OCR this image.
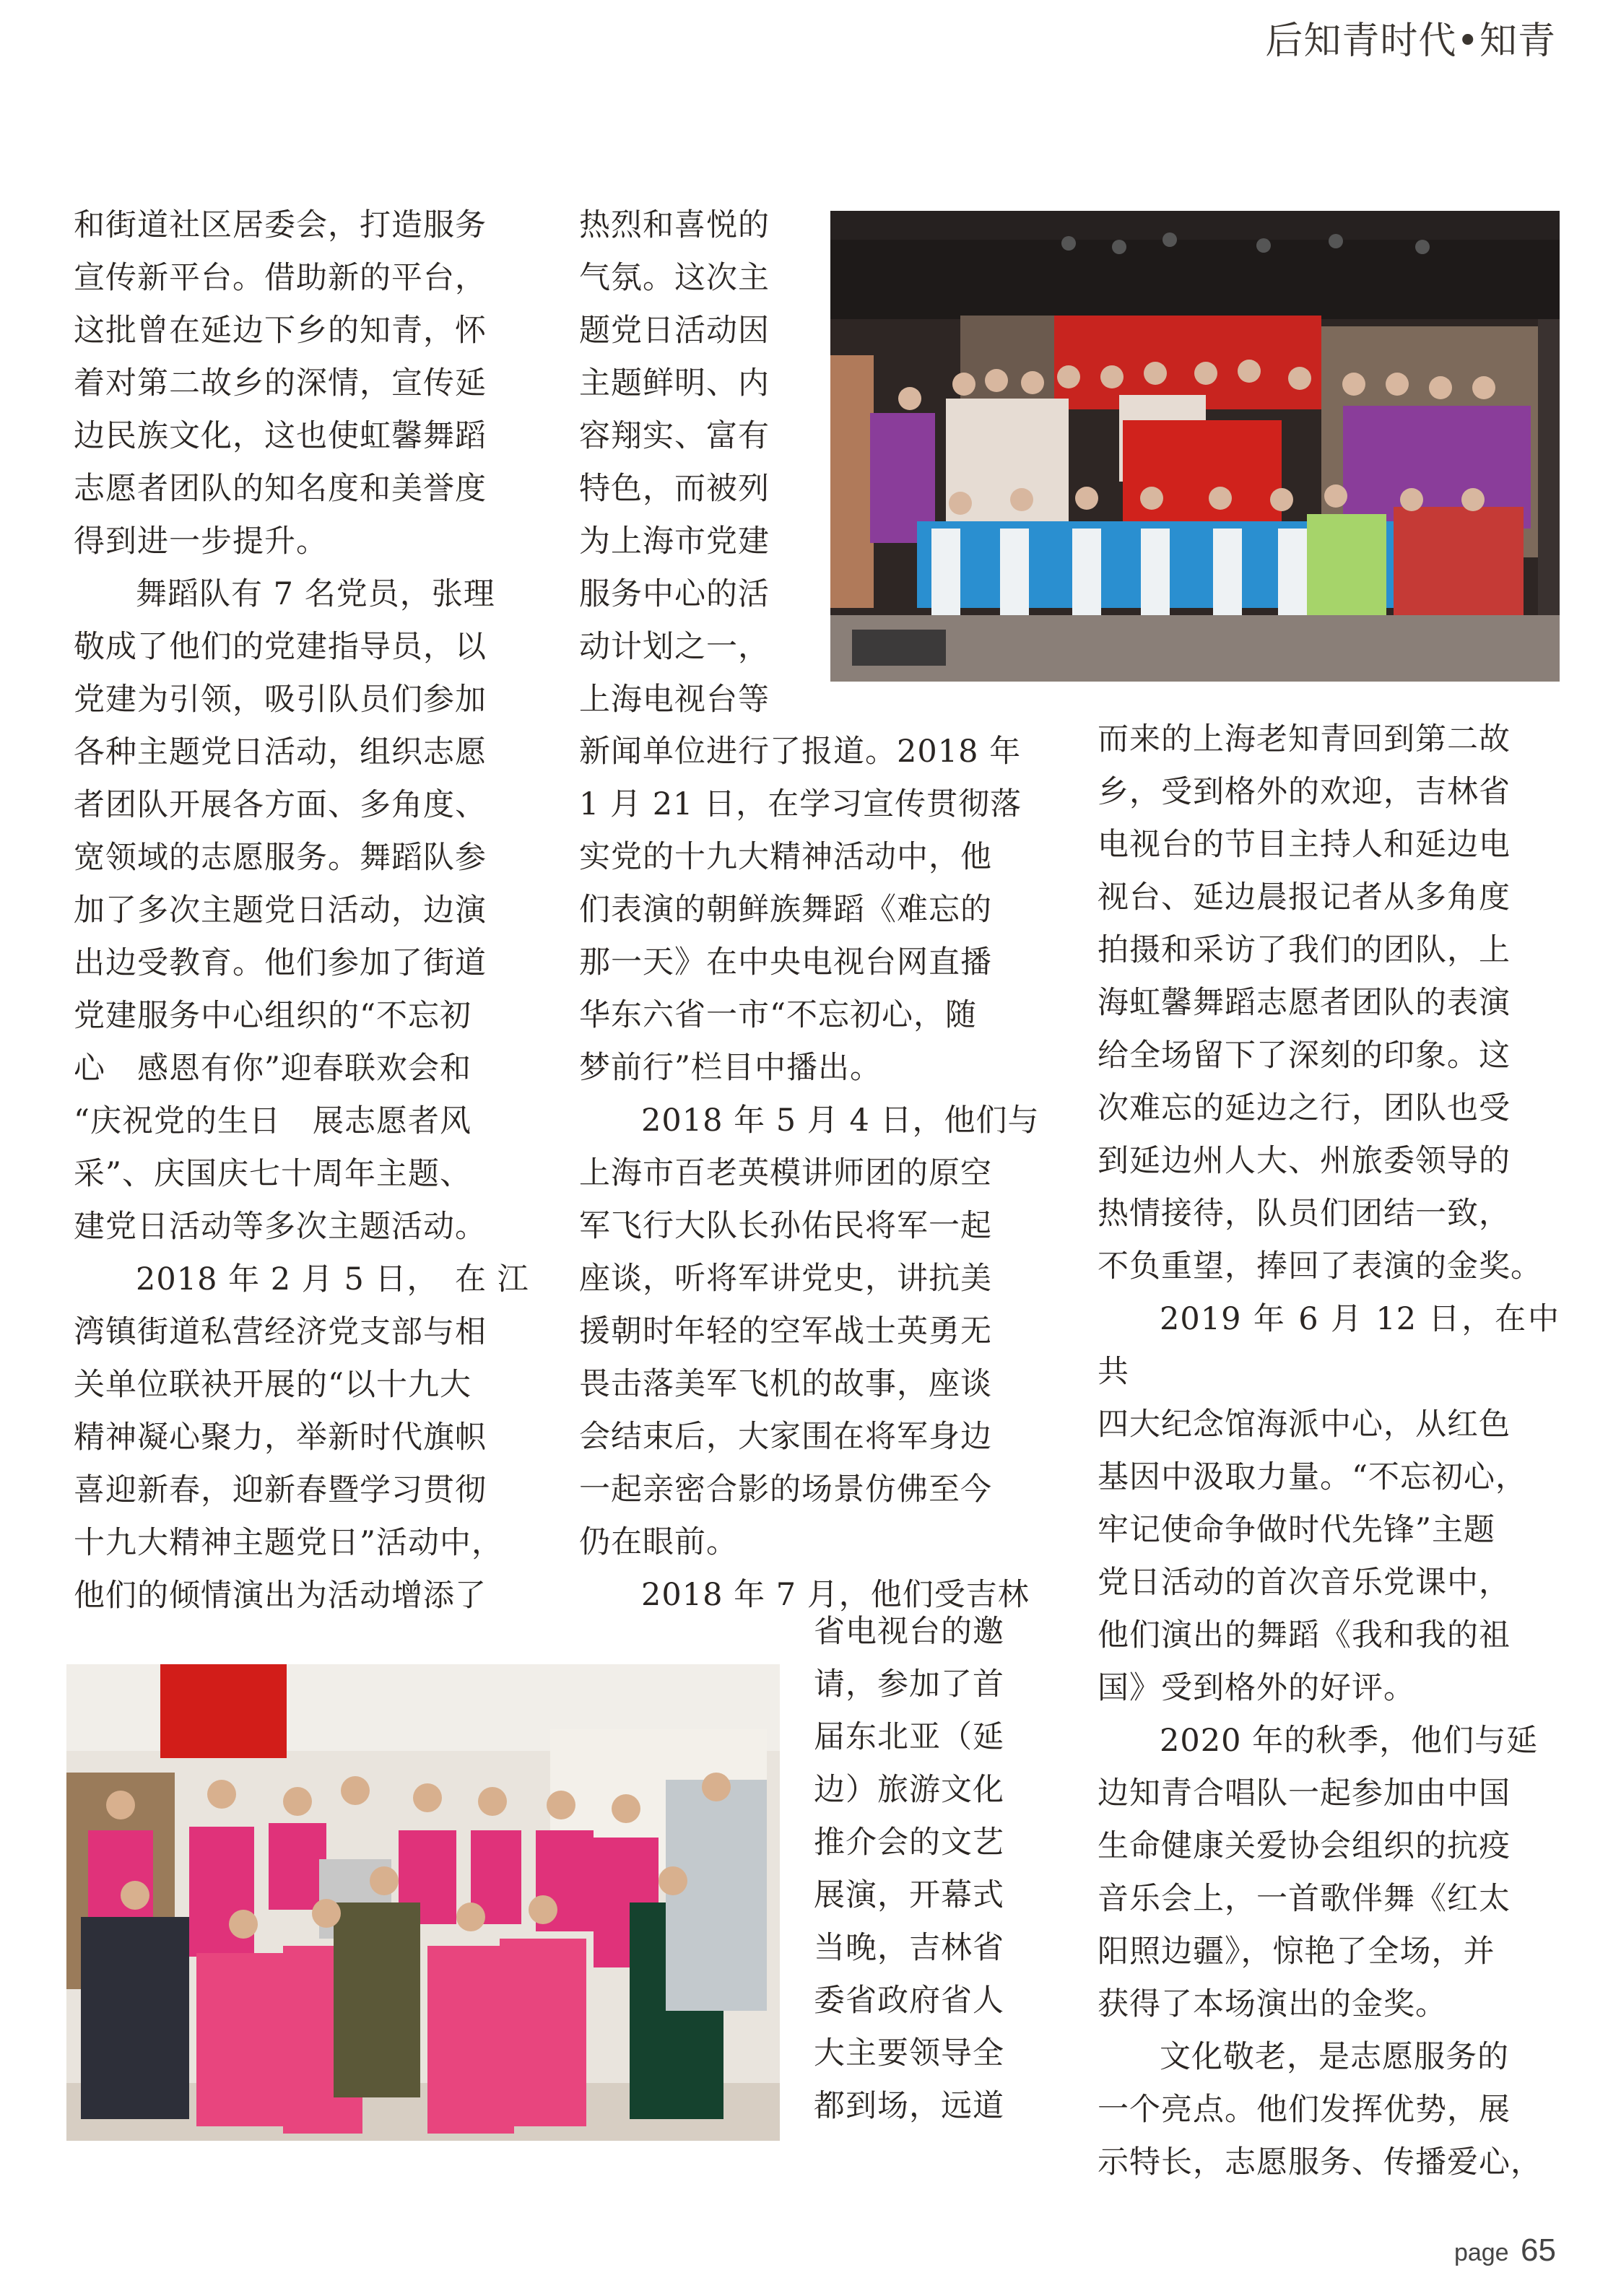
后知青时代•知青

和街道社区居委会，打造服务
宣传新平台。借助新的平台，
这批曾在延边下乡的知青，怀
着对第二故乡的深情，宣传延
边民族文化，这也使虹馨舞蹈
志愿者团队的知名度和美誉度
得到进一步提升。

舞蹈队有 7 名党员，张理
敬成了他们的党建指导员，以
党建为引领，吸引队员们参加
各种主题党日活动，组织志愿
者团队开展各方面、多角度、
宽领域的志愿服务。舞蹈队参
加了多次主题党日活动，边演
出边受教育。他们参加了街道
党建服务中心组织的“不忘初
心　感恩有你”迎春联欢会和
“庆祝党的生日　展志愿者风
采”、庆国庆七十周年主题、
建党日活动等多次主题活动。

2018 年 2 月 5 日，　在 江
湾镇街道私营经济党支部与相
关单位联袂开展的“以十九大
精神凝心聚力，举新时代旗帜
喜迎新春，迎新春暨学习贯彻
十九大精神主题党日”活动中，
他们的倾情演出为活动增添了

热烈和喜悦的
气氛。这次主
题党日活动因
主题鲜明、内
容翔实、富有
特色，而被列
为上海市党建
服务中心的活
动计划之一，
上海电视台等

新闻单位进行了报道。2018 年
1 月 21 日，在学习宣传贯彻落
实党的十九大精神活动中，他
们表演的朝鲜族舞蹈《难忘的
那一天》在中央电视台网直播
华东六省一市“不忘初心，随
梦前行”栏目中播出。

2018 年 5 月 4 日，他们与
上海市百老英模讲师团的原空
军飞行大队长孙佑民将军一起
座谈，听将军讲党史，讲抗美
援朝时年轻的空军战士英勇无
畏击落美军飞机的故事，座谈
会结束后，大家围在将军身边
一起亲密合影的场景仿佛至今
仍在眼前。

2018 年 7 月，他们受吉林

省电视台的邀
请，参加了首
届东北亚（延
边）旅游文化
推介会的文艺
展演，开幕式
当晚，吉林省
委省政府省人
大主要领导全
都到场，远道

而来的上海老知青回到第二故
乡，受到格外的欢迎，吉林省
电视台的节目主持人和延边电
视台、延边晨报记者从多角度
拍摄和采访了我们的团队，上
海虹馨舞蹈志愿者团队的表演
给全场留下了深刻的印象。这
次难忘的延边之行，团队也受
到延边州人大、州旅委领导的
热情接待，队员们团结一致，
不负重望，捧回了表演的金奖。

2019 年 6 月 12 日，在中共
四大纪念馆海派中心，从红色
基因中汲取力量。“不忘初心，
牢记使命争做时代先锋”主题
党日活动的首次音乐党课中，
他们演出的舞蹈《我和我的祖
国》受到格外的好评。

2020 年的秋季，他们与延
边知青合唱队一起参加由中国
生命健康关爱协会组织的抗疫
音乐会上，一首歌伴舞《红太
阳照边疆》，惊艳了全场，并
获得了本场演出的金奖。

文化敬老，是志愿服务的
一个亮点。他们发挥优势，展
示特长，志愿服务、传播爱心，

page 65
